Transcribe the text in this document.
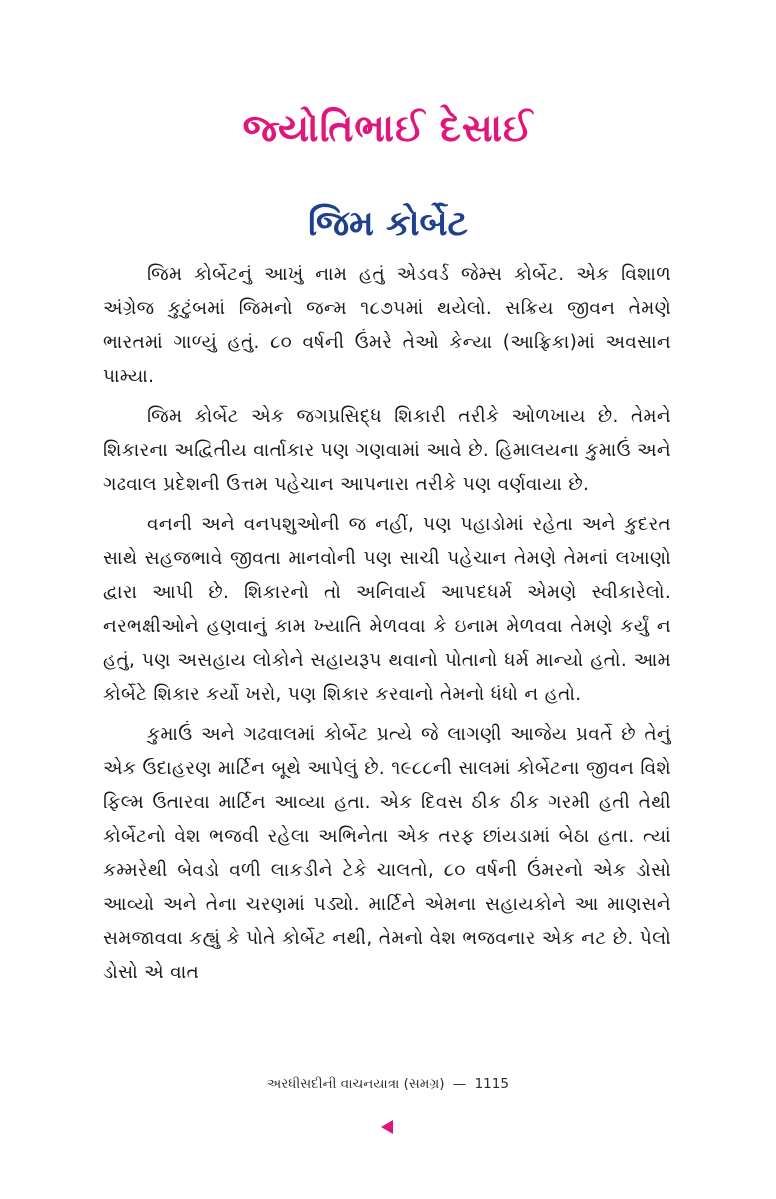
જ્યોતિભાઈ દેસાઈ
જિમ કોર્બેટ

જિમ કોર્બેટનું આખું નામ હતું એડવર્ડ જેમ્સ કોર્બેટ. એક વિશાળ અંગ્રેજ કુટુંબમાં જિમનો જન્મ ૧૮૭૫માં થયેલો. સક્રિય જીવન તેમણે ભારતમાં ગાળ્યું હતું. ૮૦ વર્ષની ઉંમરે તેઓ કેન્યા (આફ્રિકા)માં અવસાન પામ્યા.

જિમ કોર્બેટ એક જગપ્રસિદ્ધ શિકારી તરીકે ઓળખાય છે. તેમને શિકારના અદ્વિતીય વાર્તાકાર પણ ગણવામાં આવે છે. હિમાલયના કુમાઉં અને ગઢવાલ પ્રદેશની ઉત્તમ પહેચાન આપનારા તરીકે પણ વર્ણવાયા છે.

વનની અને વનપશુઓની જ નહીં, પણ પહાડોમાં રહેતા અને કુદરત સાથે સહજભાવે જીવતા માનવોની પણ સાચી પહેચાન તેમણે તેમનાં લખાણો દ્વારા આપી છે. શિકારનો તો અનિવાર્ય આપદધર્મ એમણે સ્વીકારેલો. નરભક્ષીઓને હણવાનું કામ ખ્યાતિ મેળવવા કે ઇનામ મેળવવા તેમણે કર્યું ન હતું, પણ અસહાય લોકોને સહાયરૂપ થવાનો પોતાનો ધર્મ માન્યો હતો. આમ કોર્બેટે શિકાર કર્યો ખરો, પણ શિકાર કરવાનો તેમનો ધંધો ન હતો.

કુમાઉં અને ગઢવાલમાં કોર્બેટ પ્રત્યે જે લાગણી આજેય પ્રવર્તે છે તેનું એક ઉદાહરણ માર્ટિન બૂથે આપેલું છે. ૧૯૮૮ની સાલમાં કોર્બેટના જીવન વિશે ફિલ્મ ઉતારવા માર્ટિન આવ્યા હતા. એક દિવસ ઠીક ઠીક ગરમી હતી તેથી કોર્બેટનો વેશ ભજવી રહેલા અભિનેતા એક તરફ છાંયડામાં બેઠા હતા. ત્યાં કમ્મરેથી બેવડો વળી લાકડીને ટેકે ચાલતો, ૮૦ વર્ષની ઉંમરનો એક ડોસો આવ્યો અને તેના ચરણમાં પડ્યો. માર્ટિને એમના સહાયકોને આ માણસને સમજાવવા કહ્યું કે પોતે કોર્બેટ નથી, તેમનો વેશ ભજવનાર એક નટ છે. પેલો ડોસો એ વાત

અરધીસદીની વાચનયાત્રા (સમગ્ર) — 1115
